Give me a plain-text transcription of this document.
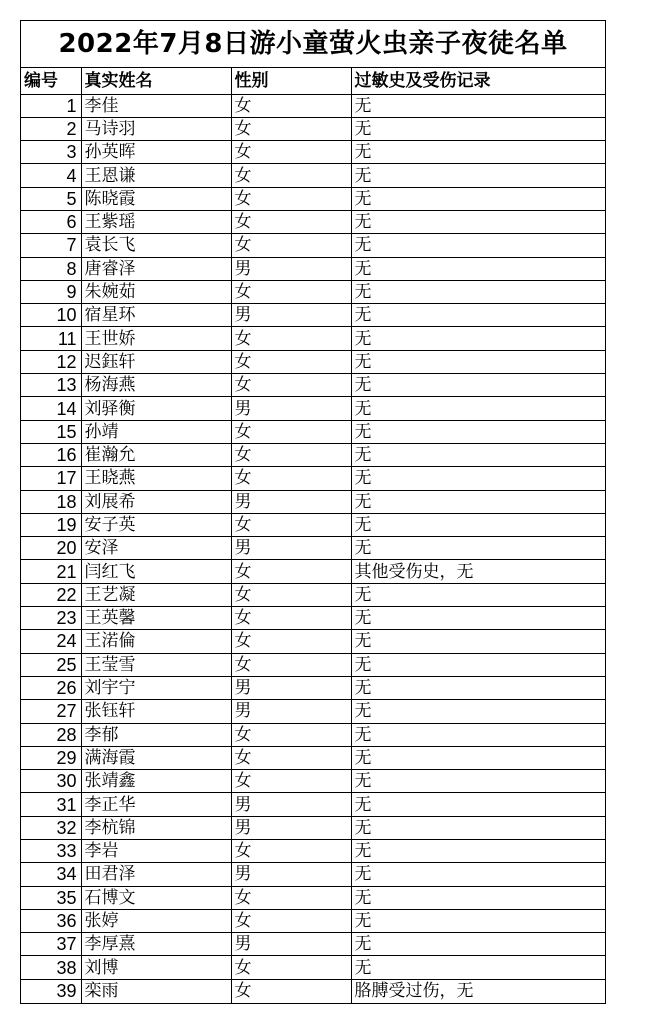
2022年7月8日游小童萤火虫亲子夜徒名单
编号	真实姓名	性别	过敏史及受伤记录
1	李佳	女	无
2	马诗羽	女	无
3	孙英晖	女	无
4	王恩谦	女	无
5	陈晓霞	女	无
6	王紫瑶	女	无
7	袁长飞	女	无
8	唐睿泽	男	无
9	朱婉茹	女	无
10	宿星环	男	无
11	王世娇	女	无
12	迟鈺轩	女	无
13	杨海燕	女	无
14	刘驿衡	男	无
15	孙靖	女	无
16	崔瀚允	女	无
17	王晓燕	女	无
18	刘展希	男	无
19	安子英	女	无
20	安泽	男	无
21	闫红飞	女	其他受伤史，无
22	王艺凝	女	无
23	王英馨	女	无
24	王渃倫	女	无
25	王莹雪	女	无
26	刘宇宁	男	无
27	张钰轩	男	无
28	李郁	女	无
29	满海霞	女	无
30	张靖鑫	女	无
31	李正华	男	无
32	李杭锦	男	无
33	李岩	女	无
34	田君泽	男	无
35	石博文	女	无
36	张婷	女	无
37	李厚熹	男	无
38	刘博	女	无
39	栾雨	女	胳膊受过伤，无
